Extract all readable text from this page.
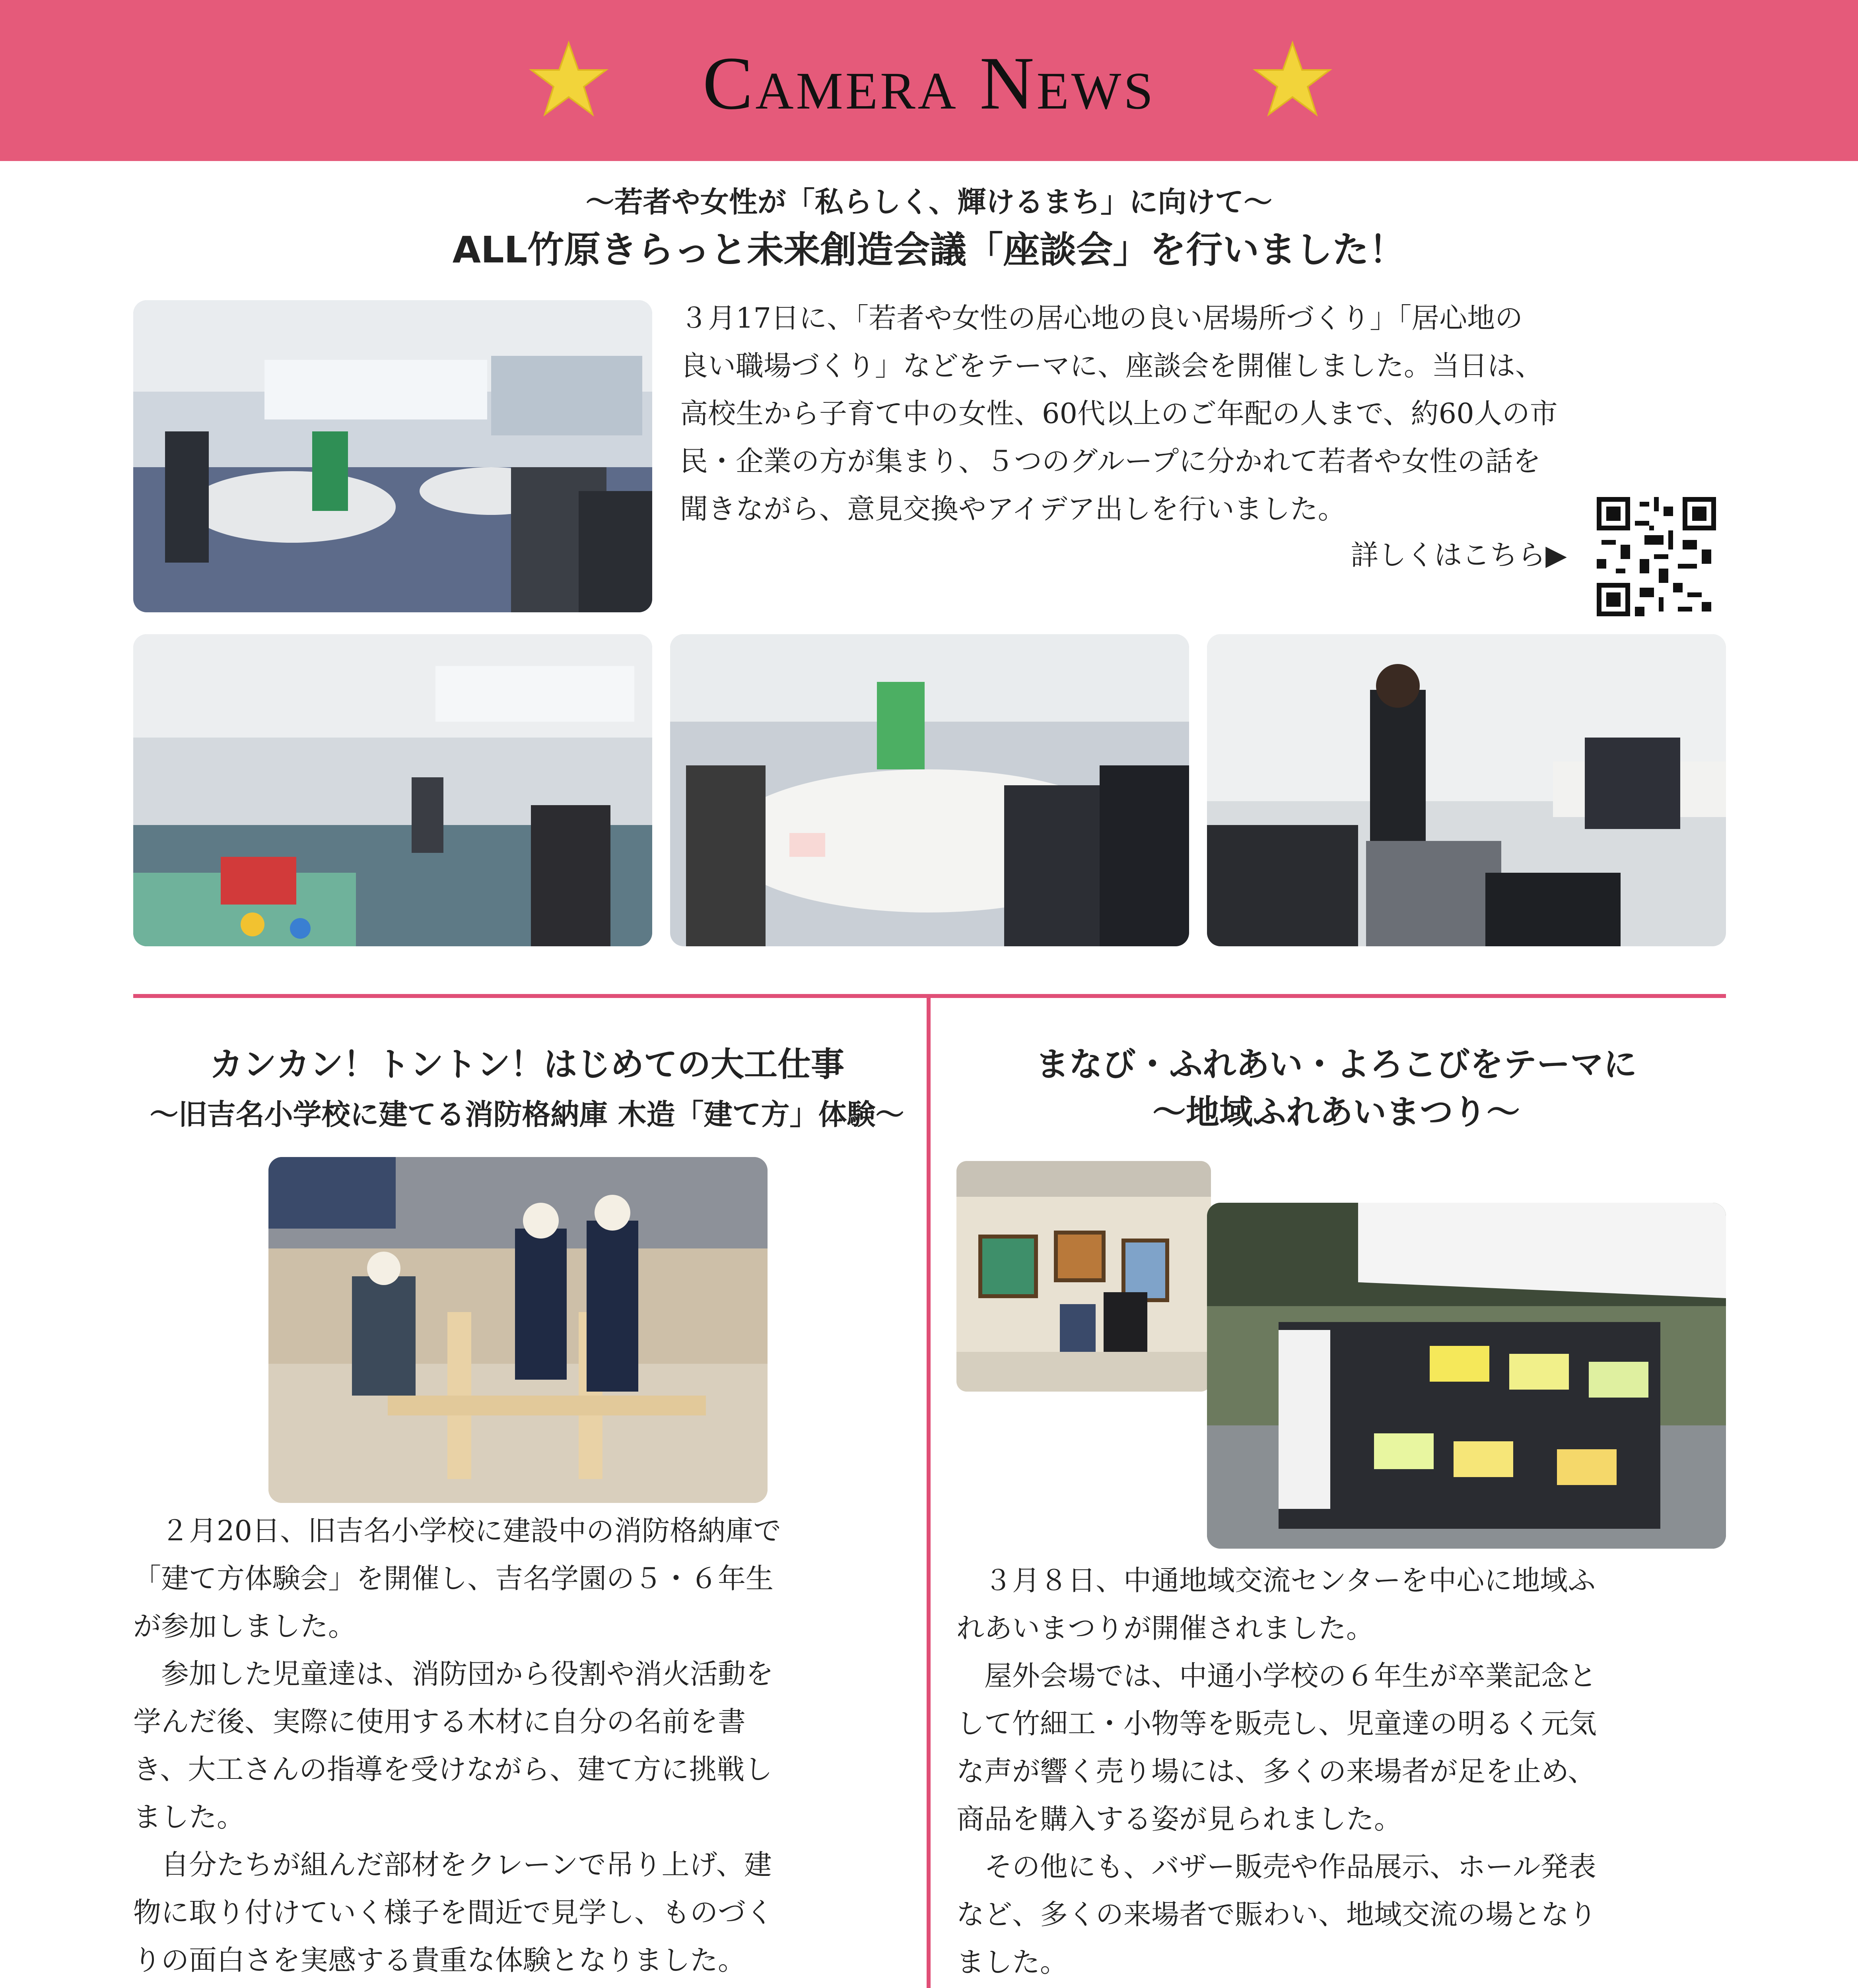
Camera News
～若者や女性が「私らしく、輝けるまち」に向けて～
ALL竹原きらっと未来創造会議「座談会」を行いました！
３月17日に、「若者や女性の居心地の良い居場所づくり」「居心地の
良い職場づくり」などをテーマに、座談会を開催しました。当日は、
高校生から子育て中の女性、60代以上のご年配の人まで、約60人の市
民・企業の方が集まり、５つのグループに分かれて若者や女性の話を
聞きながら、意見交換やアイデア出しを行いました。
詳しくはこちら▶
カンカン！トントン！はじめての大工仕事
～旧吉名小学校に建てる消防格納庫 木造「建て方」体験～
　２月20日、旧吉名小学校に建設中の消防格納庫で
「建て方体験会」を開催し、吉名学園の５・６年生
が参加しました。
　参加した児童達は、消防団から役割や消火活動を
学んだ後、実際に使用する木材に自分の名前を書
き、大工さんの指導を受けながら、建て方に挑戦し
ました。
　自分たちが組んだ部材をクレーンで吊り上げ、建
物に取り付けていく様子を間近で見学し、ものづく
りの面白さを実感する貴重な体験となりました。
まなび・ふれあい・よろこびをテーマに
～地域ふれあいまつり～
　３月８日、中通地域交流センターを中心に地域ふ
れあいまつりが開催されました。
　屋外会場では、中通小学校の６年生が卒業記念と
して竹細工・小物等を販売し、児童達の明るく元気
な声が響く売り場には、多くの来場者が足を止め、
商品を購入する姿が見られました。
　その他にも、バザー販売や作品展示、ホール発表
など、多くの来場者で賑わい、地域交流の場となり
ました。
